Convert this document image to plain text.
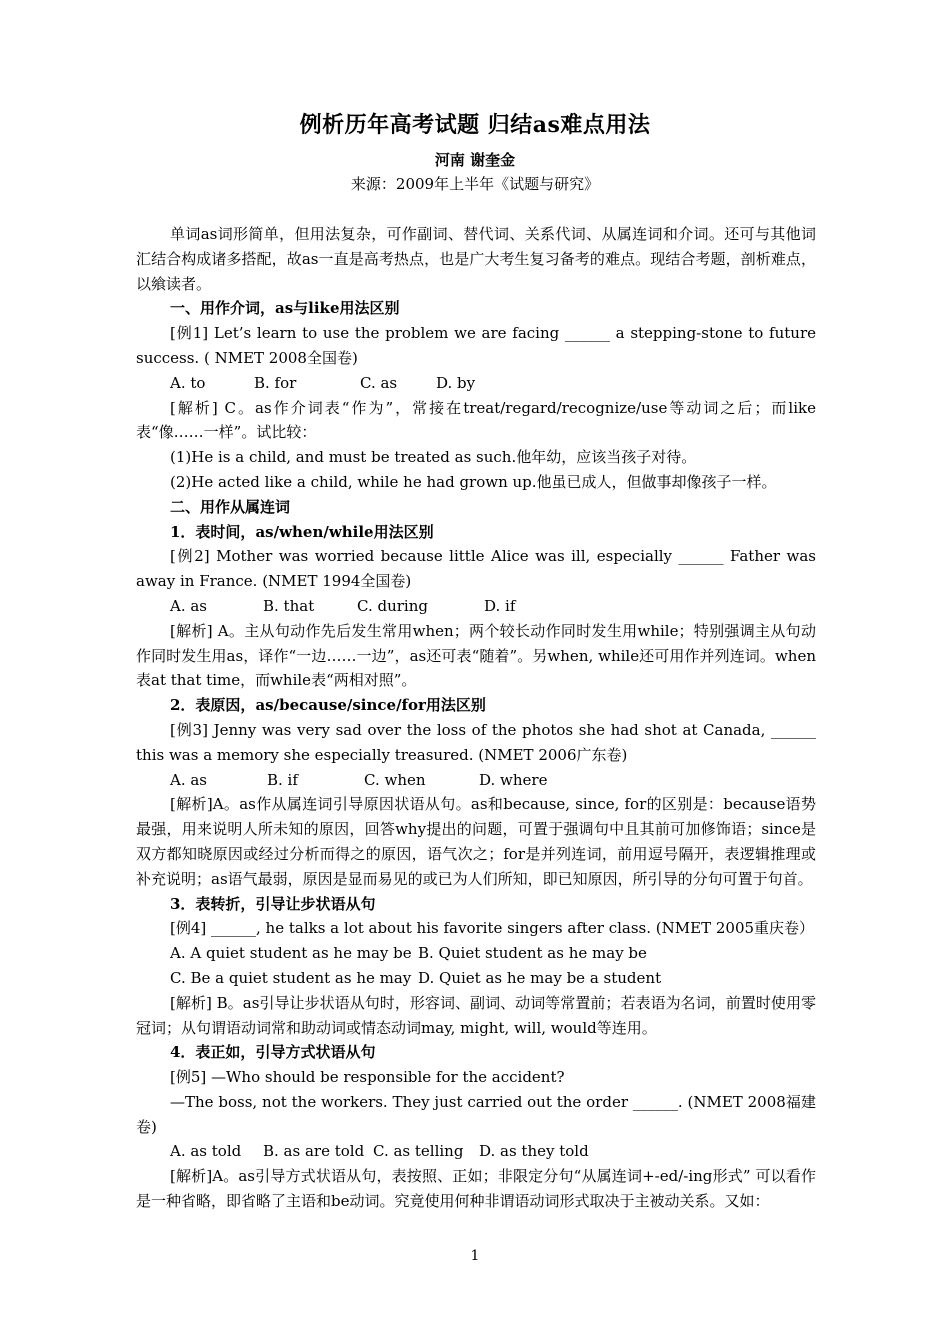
例析历年高考试题 归结as难点用法
河南 谢奎金
来源：2009年上半年《试题与研究》

单词as词形简单，但用法复杂，可作副词、替代词、关系代词、从属连词和介词。还可与其他词汇结合构成诸多搭配，故as一直是高考热点，也是广大考生复习备考的难点。现结合考题，剖析难点，以飨读者。

一、用作介词，as与like用法区别

[例1] Let’s learn to use the problem we are facing ______ a stepping-stone to future success. ( NMET 2008全国卷)

A. to	B. for	C. as	D. by

[解析] C。as作介词表“作为”，常接在treat/regard/recognize/use等动词之后；而like表“像……一样”。试比较：

(1)He is a child, and must be treated as such.他年幼，应该当孩子对待。

(2)He acted like a child, while he had grown up.他虽已成人，但做事却像孩子一样。

二、用作从属连词

1．表时间，as/when/while用法区别

[例2] Mother was worried because little Alice was ill, especially ______ Father was away in France. (NMET 1994全国卷)

A. as	B. that	C. during	D. if

[解析] A。主从句动作先后发生常用when；两个较长动作同时发生用while；特别强调主从句动作同时发生用as，译作“一边……一边”，as还可表“随着”。另when, while还可用作并列连词。when表at that time，而while表“两相对照”。

2．表原因，as/because/since/for用法区别

[例3] Jenny was very sad over the loss of the photos she had shot at Canada, ______ this was a memory she especially treasured. (NMET 2006广东卷)

A. as	B. if	C. when	D. where

[解析]A。as作从属连词引导原因状语从句。as和because, since, for的区别是：because语势最强，用来说明人所未知的原因，回答why提出的问题，可置于强调句中且其前可加修饰语；since是双方都知晓原因或经过分析而得之的原因，语气次之；for是并列连词，前用逗号隔开，表逻辑推理或补充说明；as语气最弱，原因是显而易见的或已为人们所知，即已知原因，所引导的分句可置于句首。

3．表转折，引导让步状语从句

[例4] ______, he talks a lot about his favorite singers after class. (NMET 2005重庆卷）

A. A quiet student as he may be B. Quiet student as he may be

C. Be a quiet student as he may D. Quiet as he may be a student

[解析] B。as引导让步状语从句时，形容词、副词、动词等常置前；若表语为名词，前置时使用零冠词；从句谓语动词常和助动词或情态动词may, might, will, would等连用。

4．表正如，引导方式状语从句

[例5] —Who should be responsible for the accident?

—The boss, not the workers. They just carried out the order ______. (NMET 2008福建卷)

A. as told B. as are told C. as telling D. as they told

[解析]A。as引导方式状语从句，表按照、正如；非限定分句“从属连词+-ed/-ing形式” 可以看作是一种省略，即省略了主语和be动词。究竟使用何种非谓语动词形式取决于主被动关系。又如：

1
